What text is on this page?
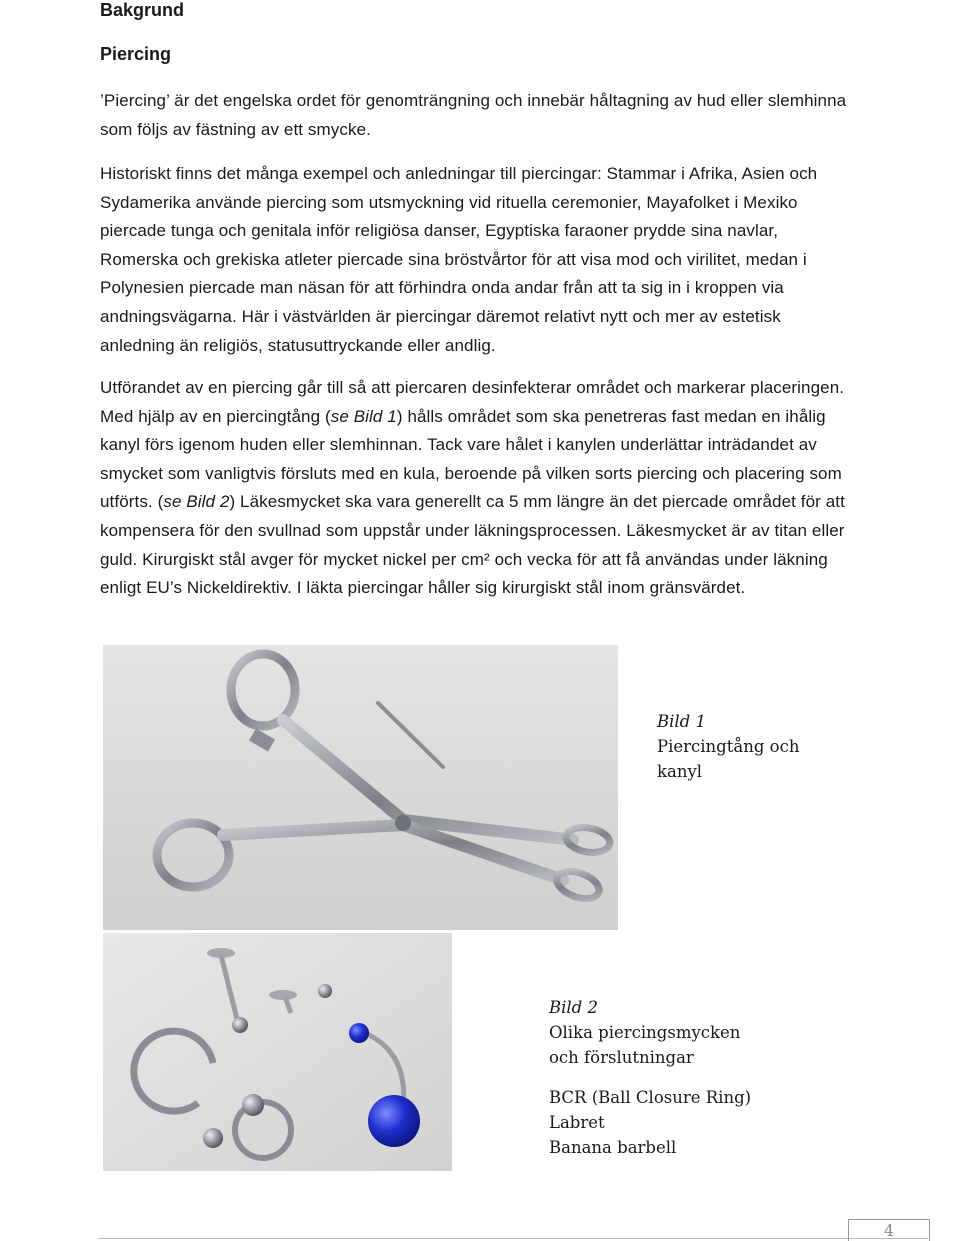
Bakgrund
Piercing

’Piercing’ är det engelska ordet för genomträngning och innebär håltagning av hud eller slemhinna som följs av fästning av ett smycke.

Historiskt finns det många exempel och anledningar till piercingar: Stammar i Afrika, Asien och Sydamerika använde piercing som utsmyckning vid rituella ceremonier, Mayafolket i Mexiko piercade tunga och genitala inför religiösa danser, Egyptiska faraoner prydde sina navlar, Romerska och grekiska atleter piercade sina bröstvårtor för att visa mod och virilitet, medan i Polynesien piercade man näsan för att förhindra onda andar från att ta sig in i kroppen via andningsvägarna. Här i västvärlden är piercingar däremot relativt nytt och mer av estetisk anledning än religiös, statusuttryckande eller andlig.

Utförandet av en piercing går till så att piercaren desinfekterar området och markerar placeringen. Med hjälp av en piercingtång (se Bild 1) hålls området som ska penetreras fast medan en ihålig kanyl förs igenom huden eller slemhinnan. Tack vare hålet i kanylen underlättar inträdandet av smycket som vanligtvis försluts med en kula, beroende på vilken sorts piercing och placering som utförts. (se Bild 2) Läkesmycket ska vara generellt ca 5 mm längre än det piercade området för att kompensera för den svullnad som uppstår under läkningsprocessen. Läkesmycket är av titan eller guld. Kirurgiskt stål avger för mycket nickel per cm² och vecka för att få användas under läkning enligt EU’s Nickeldirektiv. I läkta piercingar håller sig kirurgiskt stål inom gränsvärdet.

Bild 1
Piercingtång och
kanyl
Bild 2
Olika piercingsmycken
och förslutningar
BCR (Ball Closure Ring)
Labret
Banana barbell
4
